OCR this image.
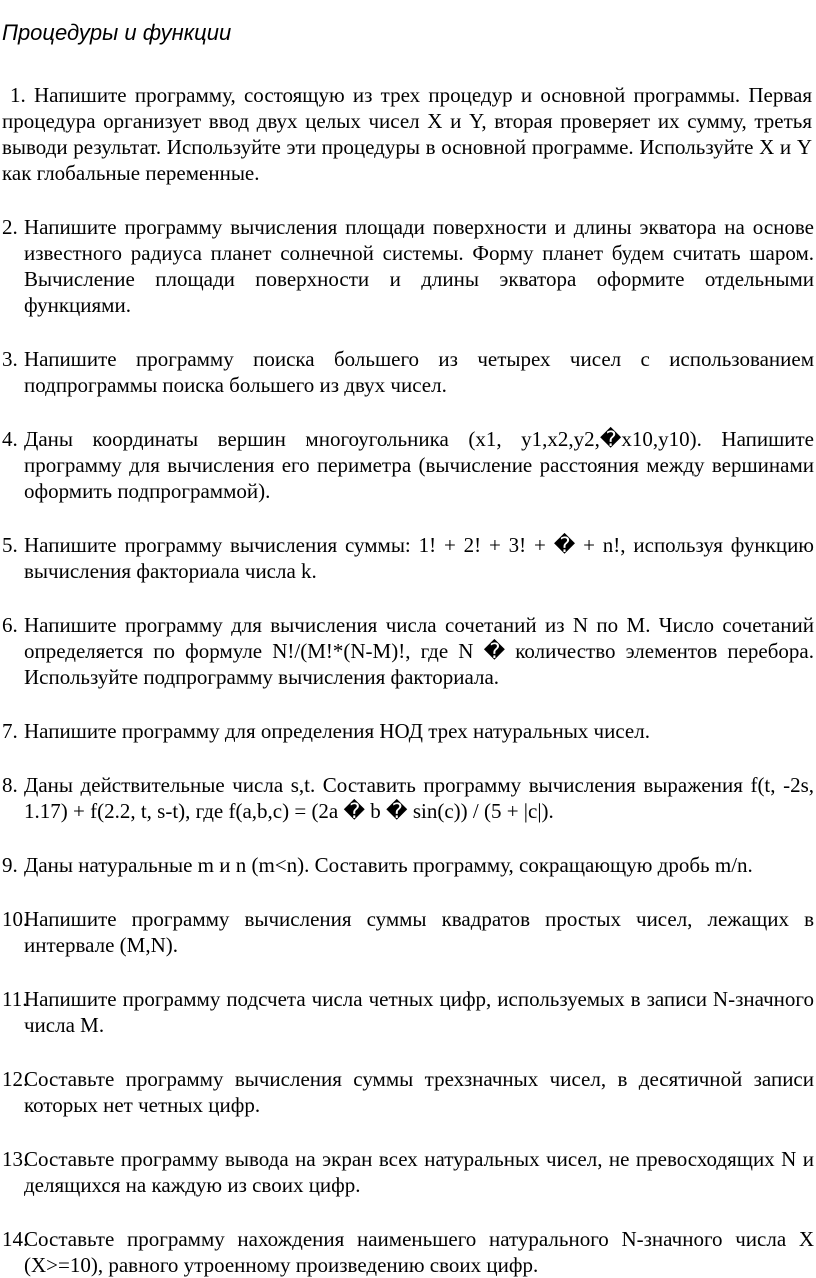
Процедуры и функции
1. Напишите программу, состоящую из трех процедур и основной программы. Первая процедура организует ввод двух целых чисел X и Y, вторая проверяет их сумму, третья выводи результат. Используйте эти процедуры в основной программе. Используйте X и Y как глобальные переменные.
2. Напишите программу вычисления площади поверхности и длины экватора на основе известного радиуса планет солнечной системы. Форму планет будем считать шаром. Вычисление площади поверхности и длины экватора оформите отдельными функциями.
3. Напишите программу поиска большего из четырех чисел с использованием подпрограммы поиска большего из двух чисел.
4. Даны координаты вершин многоугольника (x1, y1,x2,y2,�x10,y10). Напишите программу для вычисления его периметра (вычисление расстояния между вершинами оформить подпрограммой).
5. Напишите программу вычисления суммы: 1! + 2! + 3! + � + n!, используя функцию вычисления факториала числа k.
6. Напишите программу для вычисления числа сочетаний из N по M. Число сочетаний определяется по формуле N!/(M!*(N-M)!, где N � количество элементов перебора. Используйте подпрограмму вычисления факториала.
7. Напишите программу для определения НОД трех натуральных чисел.
8. Даны действительные числа s,t. Составить программу вычисления выражения f(t, -2s, 1.17) + f(2.2, t, s-t), где f(a,b,c) = (2a � b � sin(c)) / (5 + |c|).
9. Даны натуральные m и n (m<n). Составить программу, сокращающую дробь m/n.
10.
Напишите программу вычисления суммы квадратов простых чисел, лежащих в интервале (M,N).
11.
Напишите программу подсчета числа четных цифр, используемых в записи N-значного числа M.
12.
Составьте программу вычисления суммы трехзначных чисел, в десятичной записи которых нет четных цифр.
13.
Составьте программу вывода на экран всех натуральных чисел, не превосходящих N и делящихся на каждую из своих цифр.
14.
Составьте программу нахождения наименьшего натурального N-значного числа X (X>=10), равного утроенному произведению своих цифр.
